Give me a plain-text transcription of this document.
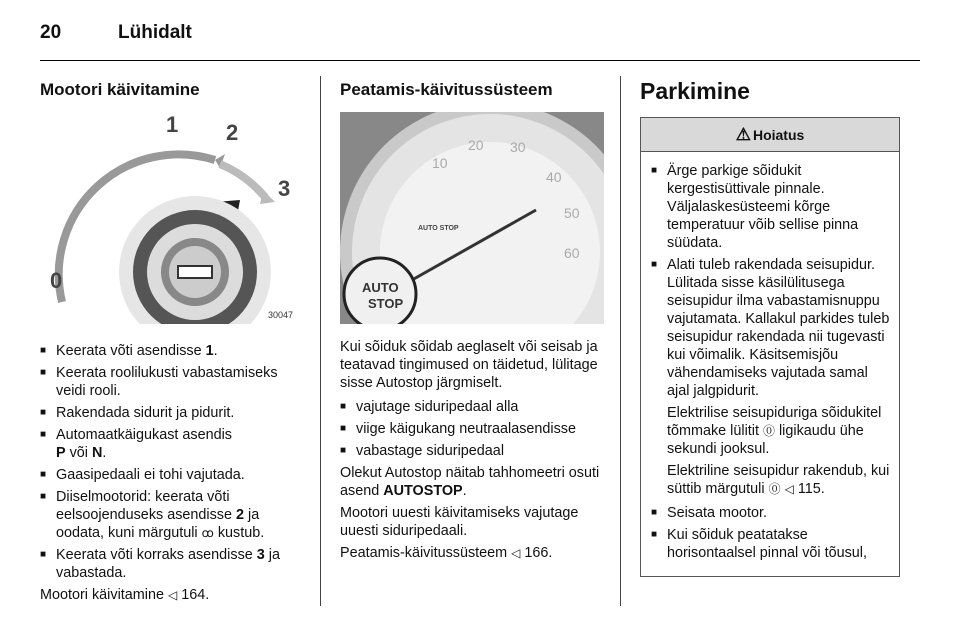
20	Lühidalt
Mootori käivitamine
0
1 2
3
30047
■ Keerata võti asendisse 1.
■ Keerata roolilukusti vabastamiseks veidi rooli.
■ Rakendada sidurit ja pidurit.
■ Automaatkäigukast asendis
P või N.
■ Gaasipedaali ei tohi vajutada.
■ Diiselmootorid: keerata võti eelsoojenduseks asendisse 2 ja oodata, kuni märgutuli ꝏ kustub.
■ Keerata võti korraks asendisse 3 ja vabastada.

Mootori käivitamine ◁ 164.

Peatamis-käivitussüsteem
10
20 30
40
50
60
AUTO STOP
AUTO
STOP

Kui sõiduk sõidab aeglaselt või seisab ja teatavad tingimused on täidetud, lülitage sisse Autostop järgmiselt.

■ vajutage siduripedaal alla
■ viige käigukang neutraalasendisse
■ vabastage siduripedaal

Olekut Autostop näitab tahhomeetri osuti asend AUTOSTOP.

Mootori uuesti käivitamiseks vajutage uuesti siduripedaali.

Peatamis-käivitussüsteem ◁ 166.

Parkimine
⚠ Hoiatus
■ Ärge parkige sõidukit kergestisüttivale pinnale. Väljalaskesüsteemi kõrge temperatuur võib sellise pinna süüdata.
■ Alati tuleb rakendada seisupidur. Lülitada sisse käsilülitusega seisupidur ilma vabastamisnuppu vajutamata. Kallakul parkides tuleb seisupidur rakendada nii tugevasti kui võimalik. Käsitsemisjõu vähendamiseks vajutada samal ajal jalgpidurit.

Elektrilise seisupiduriga sõidukitel tõmmake lülitit ⓪ ligikaudu ühe sekundi jooksul.

Elektriline seisupidur rakendub, kui süttib märgutuli ⓪ ◁ 115.

■ Seisata mootor.
■ Kui sõiduk peatatakse horisontaalsel pinnal või tõusul,
